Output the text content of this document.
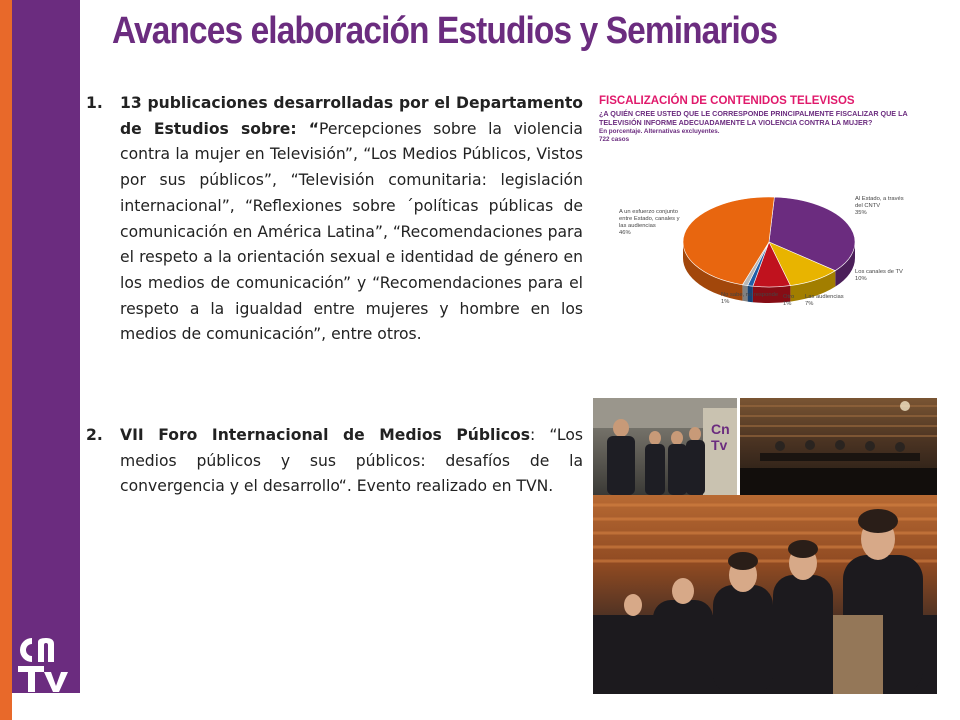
Avances elaboración Estudios y Seminarios
1. 13 publicaciones desarrolladas por el Departamento de Estudios sobre: “Percepciones sobre la violencia contra la mujer en Televisión”, “Los Medios Públicos, Vistos por sus públicos”, “Televisión comunitaria: legislación internacional”, “Reflexiones sobre ´políticas públicas de comunicación en América Latina”, “Recomendaciones para el respeto a la orientación sexual e identidad de género en los medios de comunicación” y “Recomendaciones para el respeto a la igualdad entre mujeres y hombre en los medios de comunicación”, entre otros.
2. VII Foro Internacional de Medios Públicos: “Los medios públicos y sus públicos: desafíos de la convergencia y el desarrollo“. Evento realizado en TVN.
FISCALIZACIÓN DE CONTENIDOS TELEVISOS
¿A QUIÉN CREE USTED QUE LE CORRESPONDE PRINCIPALMENTE FISCALIZAR QUE LA TELEVISIÓN INFORME ADECUADAMENTE LA VIOLENCIA CONTRA LA MUJER?
En porcentaje. Alternativas excluyentes.
722 casos
Al Estado, a través del CNTV 35%
Los canales de TV 10%
Las audiencias 7%
Otro 1%
No sabe, no responde 1%
A un esfuerzo conjunto entre Estado, canales y las audiencias 46%
Cn
Tv
